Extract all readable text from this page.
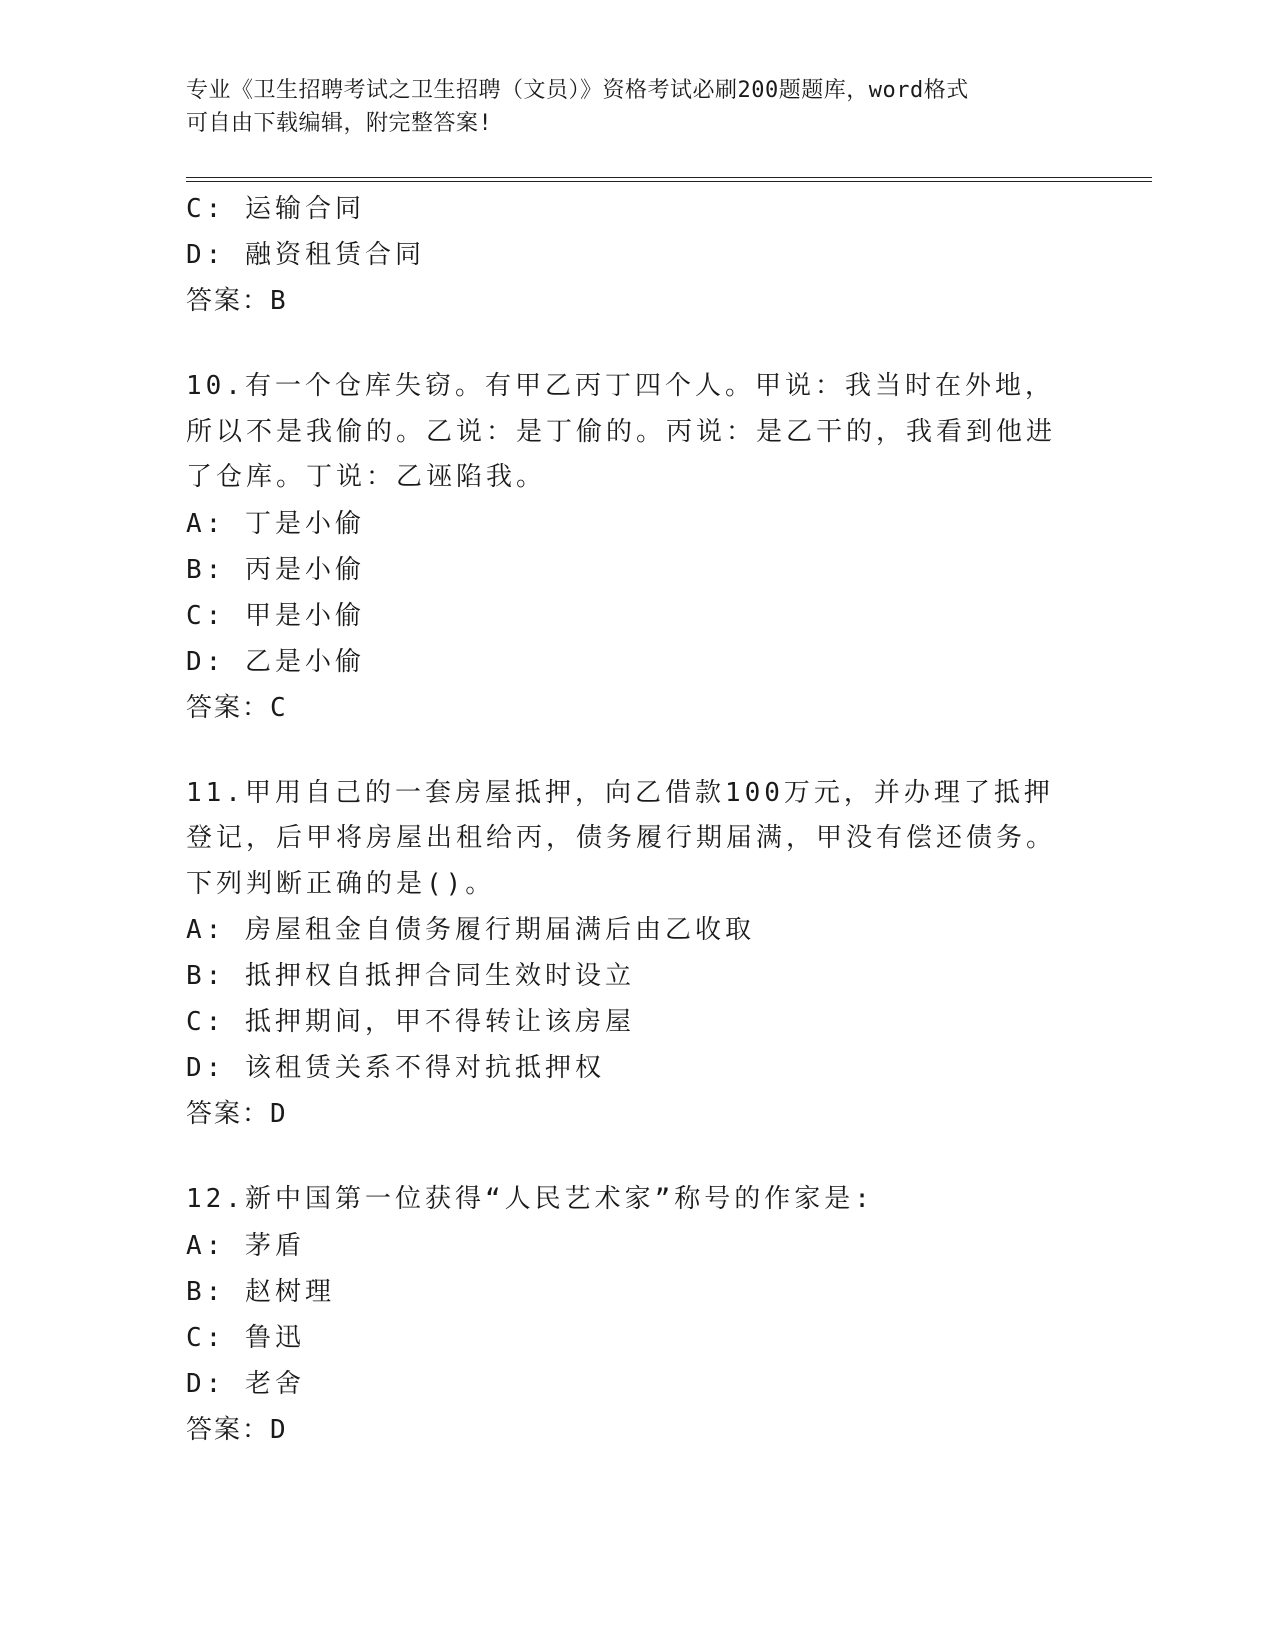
专业《卫生招聘考试之卫生招聘（文员）》资格考试必刷200题题库，word格式
可自由下载编辑，附完整答案!
C: 运输合同
D: 融资租赁合同
答案：B
10.有一个仓库失窃。有甲乙丙丁四个人。甲说：我当时在外地，所以不是我偷的。乙说：是丁偷的。丙说：是乙干的，我看到他进了仓库。丁说：乙诬陷我。
A: 丁是小偷
B: 丙是小偷
C: 甲是小偷
D: 乙是小偷
答案：C
11.甲用自己的一套房屋抵押，向乙借款100万元，并办理了抵押登记，后甲将房屋出租给丙，债务履行期届满，甲没有偿还债务。下列判断正确的是()。
A: 房屋租金自债务履行期届满后由乙收取
B: 抵押权自抵押合同生效时设立
C: 抵押期间，甲不得转让该房屋
D: 该租赁关系不得对抗抵押权
答案：D
12.新中国第一位获得“人民艺术家”称号的作家是:
A: 茅盾
B: 赵树理
C: 鲁迅
D: 老舍
答案：D
